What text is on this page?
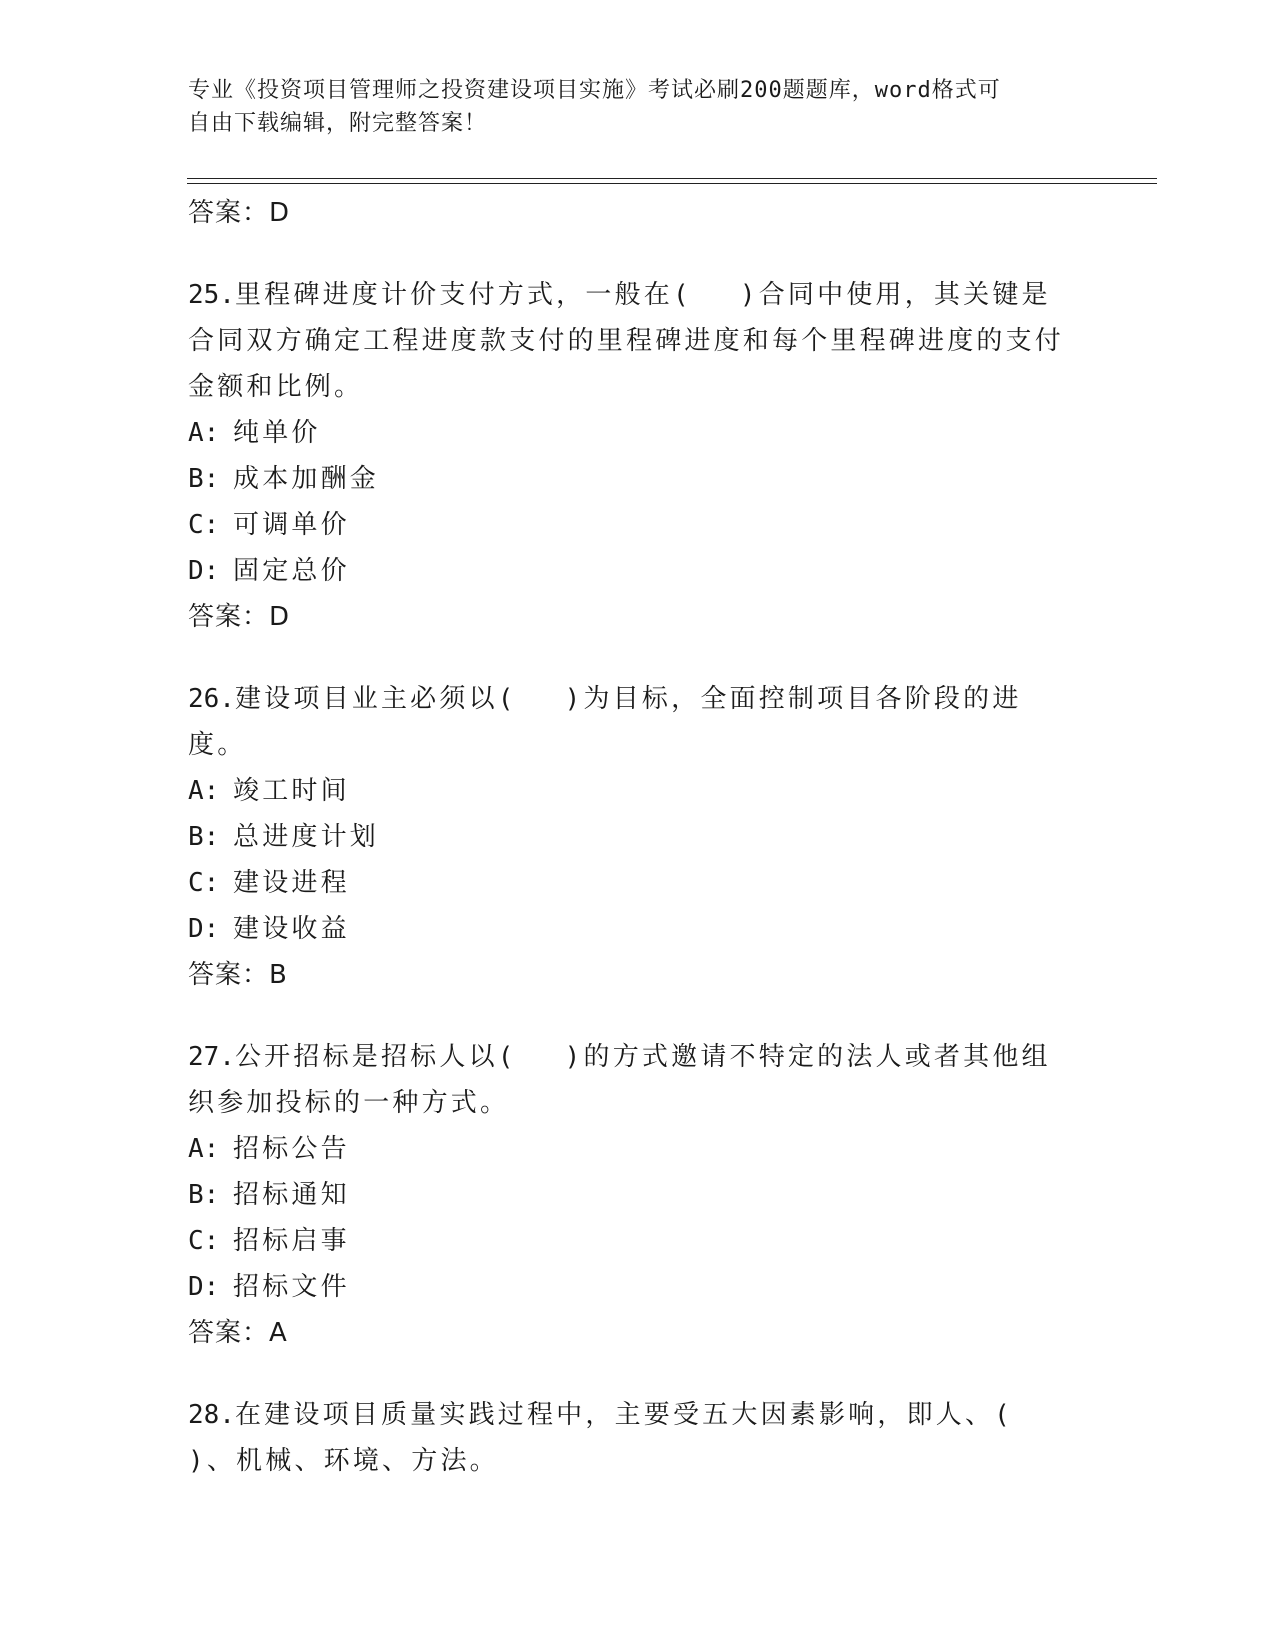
专业《投资项目管理师之投资建设项目实施》考试必刷200题题库，word格式可
自由下载编辑，附完整答案！
答案：D
25.里程碑进度计价支付方式，一般在(　 )合同中使用，其关键是合同双方确定工程进度款支付的里程碑进度和每个里程碑进度的支付金额和比例。
A: 纯单价
B: 成本加酬金
C: 可调单价
D: 固定总价
答案：D
26.建设项目业主必须以(　 )为目标，全面控制项目各阶段的进度。
A: 竣工时间
B: 总进度计划
C: 建设进程
D: 建设收益
答案：B
27.公开招标是招标人以(　 )的方式邀请不特定的法人或者其他组织参加投标的一种方式。
A: 招标公告
B: 招标通知
C: 招标启事
D: 招标文件
答案：A
28.在建设项目质量实践过程中，主要受五大因素影响，即人、(　 )、机械、环境、方法。
